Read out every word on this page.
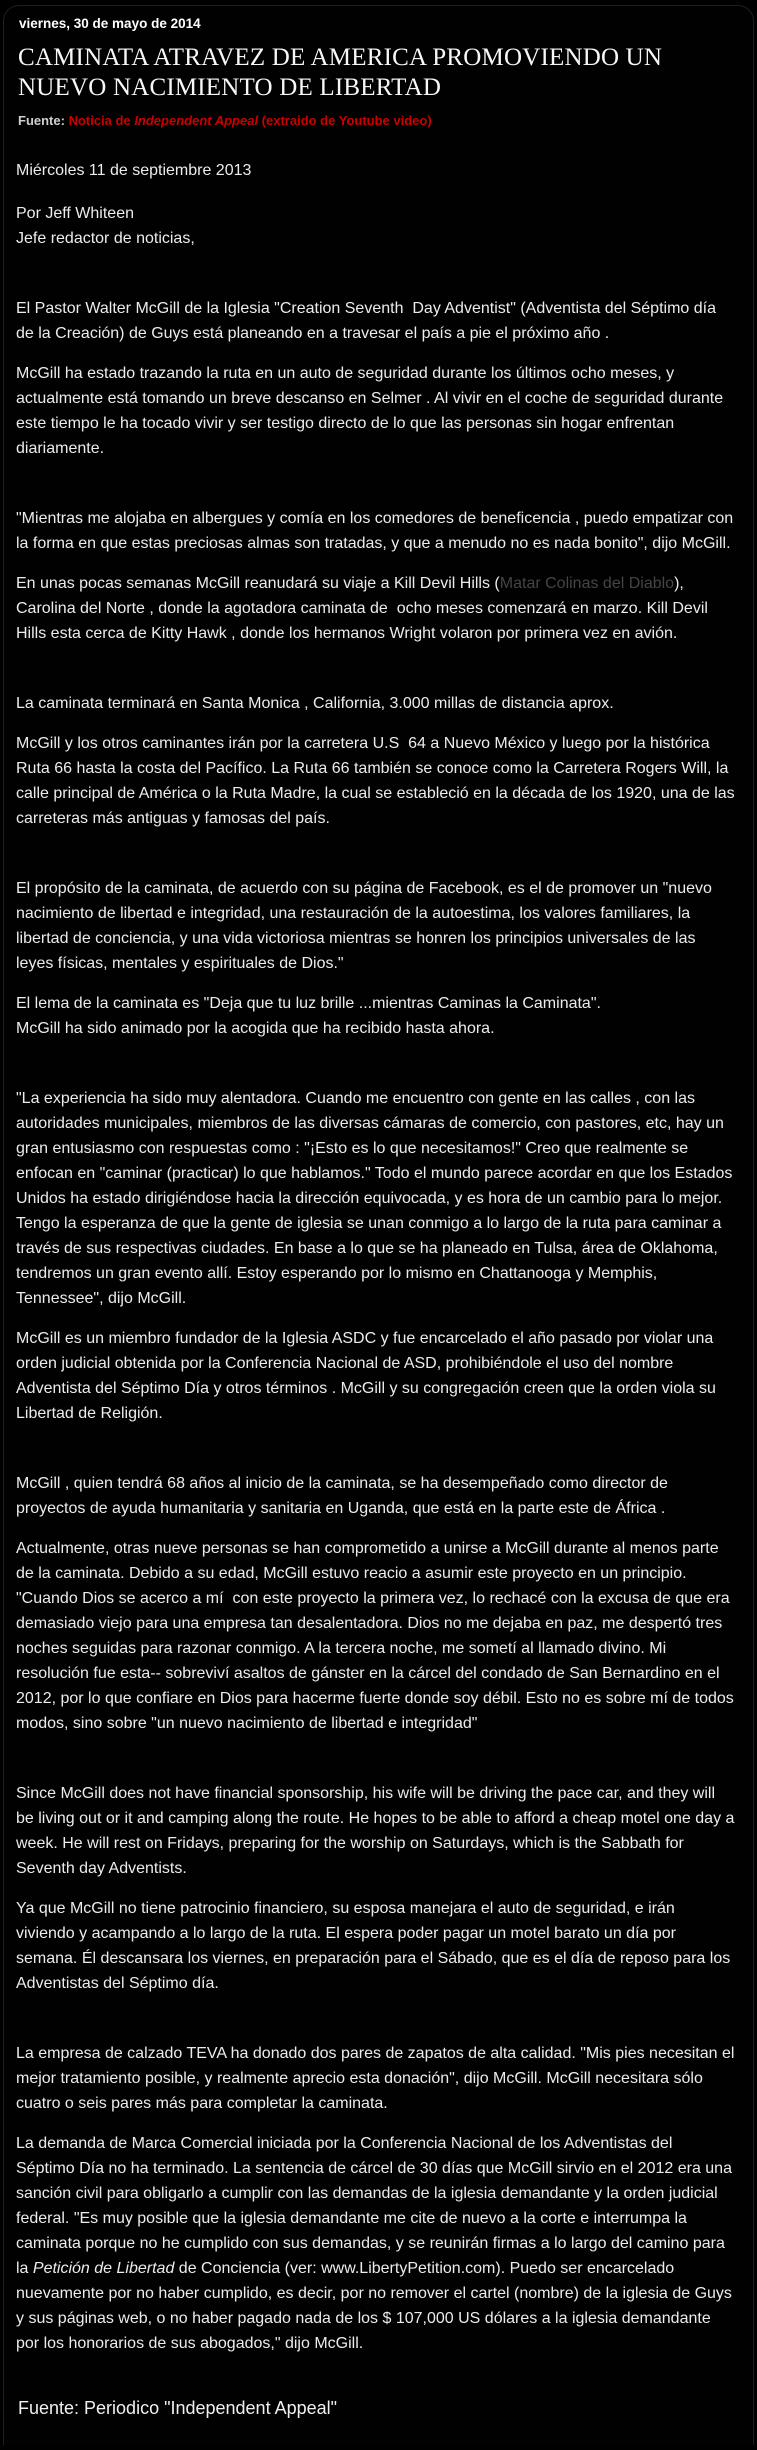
viernes, 30 de mayo de 2014
CAMINATA ATRAVEZ DE AMERICA PROMOVIENDO UN NUEVO NACIMIENTO DE LIBERTAD
Fuente: Noticia de Independent Appeal (extraido de Youtube video)

Miércoles 11 de septiembre 2013

Por Jeff Whiteen
Jefe redactor de noticias,

El Pastor Walter McGill de la Iglesia "Creation Seventh  Day Adventist" (Adventista del Séptimo día de la Creación) de Guys está planeando en a travesar el país a pie el próximo año .

McGill ha estado trazando la ruta en un auto de seguridad durante los últimos ocho meses, y actualmente está tomando un breve descanso en Selmer . Al vivir en el coche de seguridad durante este tiempo le ha tocado vivir y ser testigo directo de lo que las personas sin hogar enfrentan diariamente.

"Mientras me alojaba en albergues y comía en los comedores de beneficencia , puedo empatizar con la forma en que estas preciosas almas son tratadas, y que a menudo no es nada bonito", dijo McGill.

En unas pocas semanas McGill reanudará su viaje a Kill Devil Hills (Matar Colinas del Diablo), Carolina del Norte , donde la agotadora caminata de  ocho meses comenzará en marzo. Kill Devil Hills esta cerca de Kitty Hawk , donde los hermanos Wright volaron por primera vez en avión.

La caminata terminará en Santa Monica , California, 3.000 millas de distancia aprox.

McGill y los otros caminantes irán por la carretera U.S  64 a Nuevo México y luego por la histórica Ruta 66 hasta la costa del Pacífico. La Ruta 66 también se conoce como la Carretera Rogers Will, la calle principal de América o la Ruta Madre, la cual se estableció en la década de los 1920, una de las carreteras más antiguas y famosas del país.

El propósito de la caminata, de acuerdo con su página de Facebook, es el de promover un "nuevo nacimiento de libertad e integridad, una restauración de la autoestima, los valores familiares, la libertad de conciencia, y una vida victoriosa mientras se honren los principios universales de las leyes físicas, mentales y espirituales de Dios."

El lema de la caminata es "Deja que tu luz brille ...mientras Caminas la Caminata".
McGill ha sido animado por la acogida que ha recibido hasta ahora.

"La experiencia ha sido muy alentadora. Cuando me encuentro con gente en las calles , con las autoridades municipales, miembros de las diversas cámaras de comercio, con pastores, etc, hay un gran entusiasmo con respuestas como : "¡Esto es lo que necesitamos!" Creo que realmente se enfocan en "caminar (practicar) lo que hablamos." Todo el mundo parece acordar en que los Estados Unidos ha estado dirigiéndose hacia la dirección equivocada, y es hora de un cambio para lo mejor. Tengo la esperanza de que la gente de iglesia se unan conmigo a lo largo de la ruta para caminar a través de sus respectivas ciudades. En base a lo que se ha planeado en Tulsa, área de Oklahoma, tendremos un gran evento allí. Estoy esperando por lo mismo en Chattanooga y Memphis, Tennessee", dijo McGill.

McGill es un miembro fundador de la Iglesia ASDC y fue encarcelado el año pasado por violar una orden judicial obtenida por la Conferencia Nacional de ASD, prohibiéndole el uso del nombre Adventista del Séptimo Día y otros términos . McGill y su congregación creen que la orden viola su Libertad de Religión.

McGill , quien tendrá 68 años al inicio de la caminata, se ha desempeñado como director de proyectos de ayuda humanitaria y sanitaria en Uganda, que está en la parte este de África .

Actualmente, otras nueve personas se han comprometido a unirse a McGill durante al menos parte de la caminata. Debido a su edad, McGill estuvo reacio a asumir este proyecto en un principio. "Cuando Dios se acerco a mí  con este proyecto la primera vez, lo rechacé con la excusa de que era demasiado viejo para una empresa tan desalentadora. Dios no me dejaba en paz, me despertó tres noches seguidas para razonar conmigo. A la tercera noche, me sometí al llamado divino. Mi resolución fue esta-- sobreviví asaltos de gánster en la cárcel del condado de San Bernardino en el 2012, por lo que confiare en Dios para hacerme fuerte donde soy débil. Esto no es sobre mí de todos modos, sino sobre "un nuevo nacimiento de libertad e integridad"

Since McGill does not have financial sponsorship, his wife will be driving the pace car, and they will be living out or it and camping along the route. He hopes to be able to afford a cheap motel one day a week. He will rest on Fridays, preparing for the worship on Saturdays, which is the Sabbath for Seventh day Adventists.

Ya que McGill no tiene patrocinio financiero, su esposa manejara el auto de seguridad, e irán viviendo y acampando a lo largo de la ruta. El espera poder pagar un motel barato un día por semana. Él descansara los viernes, en preparación para el Sábado, que es el día de reposo para los Adventistas del Séptimo día.

La empresa de calzado TEVA ha donado dos pares de zapatos de alta calidad. "Mis pies necesitan el mejor tratamiento posible, y realmente aprecio esta donación", dijo McGill. McGill necesitara sólo cuatro o seis pares más para completar la caminata.

La demanda de Marca Comercial iniciada por la Conferencia Nacional de los Adventistas del Séptimo Día no ha terminado. La sentencia de cárcel de 30 días que McGill sirvio en el 2012 era una sanción civil para obligarlo a cumplir con las demandas de la iglesia demandante y la orden judicial federal. "Es muy posible que la iglesia demandante me cite de nuevo a la corte e interrumpa la caminata porque no he cumplido con sus demandas, y se reunirán firmas a lo largo del camino para la Petición de Libertad de Conciencia (ver: www.LibertyPetition.com). Puedo ser encarcelado nuevamente por no haber cumplido, es decir, por no remover el cartel (nombre) de la iglesia de Guys y sus páginas web, o no haber pagado nada de los $ 107,000 US dólares a la iglesia demandante por los honorarios de sus abogados," dijo McGill.

Fuente: Periodico "Independent Appeal"
